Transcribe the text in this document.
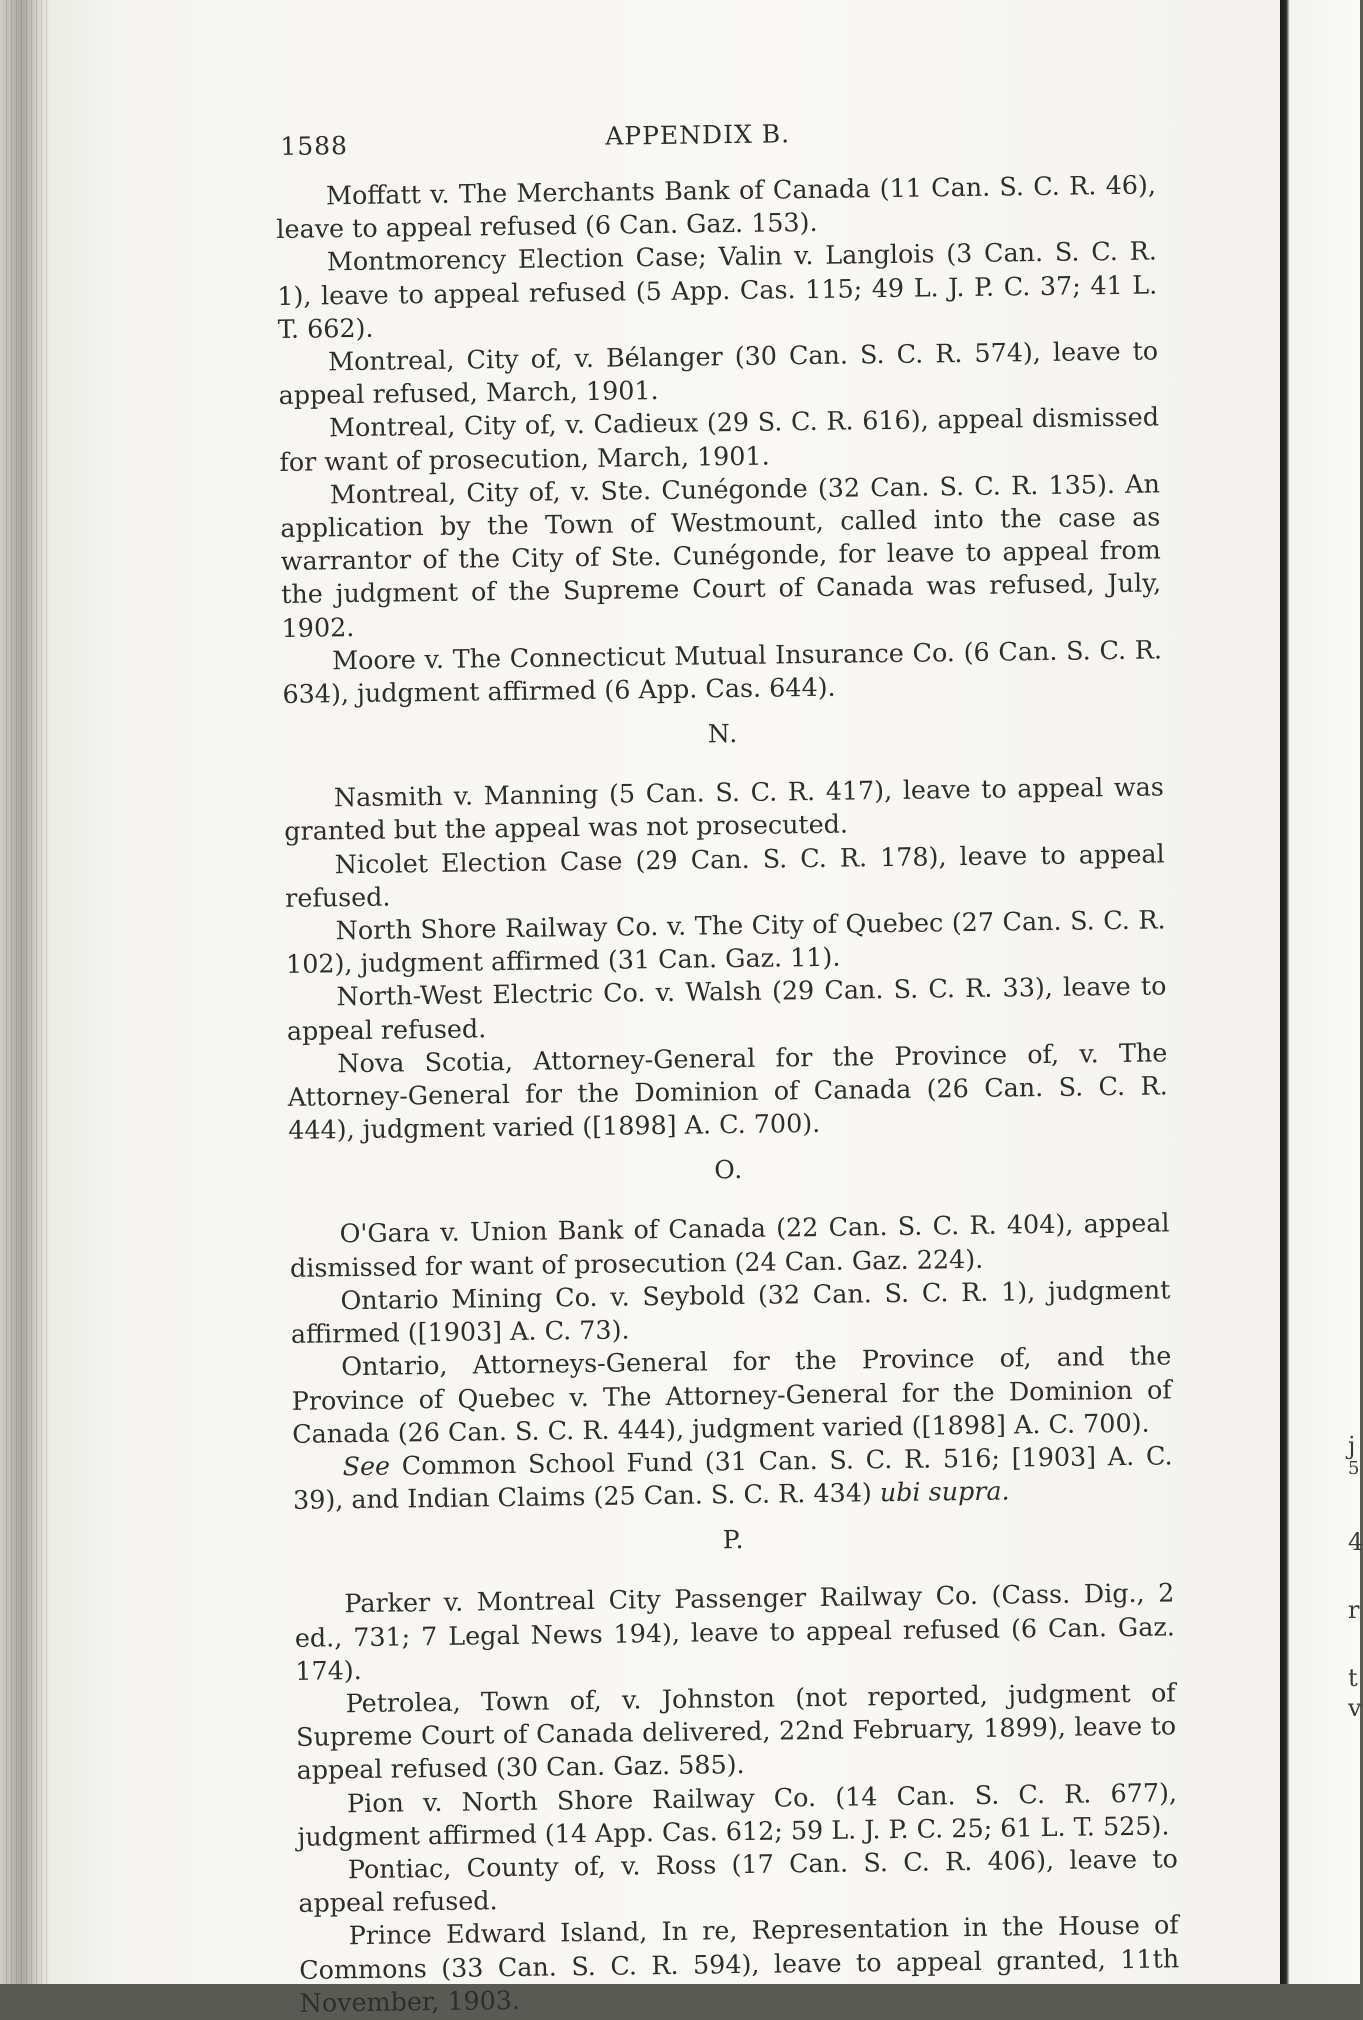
j
5
4
r
t
v
1588	APPENDIX B.

Moffatt v. The Merchants Bank of Canada (11 Can. S. C. R. 46), leave to appeal refused (6 Can. Gaz. 153).

Montmorency Election Case; Valin v. Langlois (3 Can. S. C. R. 1), leave to appeal refused (5 App. Cas. 115; 49 L. J. P. C. 37; 41 L. T. 662).

Montreal, City of, v. Bélanger (30 Can. S. C. R. 574), leave to appeal refused, March, 1901.

Montreal, City of, v. Cadieux (29 S. C. R. 616), appeal dismissed for want of prosecution, March, 1901.

Montreal, City of, v. Ste. Cunégonde (32 Can. S. C. R. 135). An application by the Town of Westmount, called into the case as warrantor of the City of Ste. Cunégonde, for leave to appeal from the judgment of the Supreme Court of Canada was refused, July, 1902.

Moore v. The Connecticut Mutual Insurance Co. (6 Can. S. C. R. 634), judgment affirmed (6 App. Cas. 644).

N.

Nasmith v. Manning (5 Can. S. C. R. 417), leave to appeal was granted but the appeal was not prosecuted.

Nicolet Election Case (29 Can. S. C. R. 178), leave to appeal refused.

North Shore Railway Co. v. The City of Quebec (27 Can. S. C. R. 102), judgment affirmed (31 Can. Gaz. 11).

North-West Electric Co. v. Walsh (29 Can. S. C. R. 33), leave to appeal refused.

Nova Scotia, Attorney-General for the Province of, v. The Attorney-General for the Dominion of Canada (26 Can. S. C. R. 444), judgment varied ([1898] A. C. 700).

O.

O'Gara v. Union Bank of Canada (22 Can. S. C. R. 404), appeal dismissed for want of prosecution (24 Can. Gaz. 224).

Ontario Mining Co. v. Seybold (32 Can. S. C. R. 1), judgment affirmed ([1903] A. C. 73).

Ontario, Attorneys-General for the Province of, and the Province of Quebec v. The Attorney-General for the Dominion of Canada (26 Can. S. C. R. 444), judgment varied ([1898] A. C. 700).

See Common School Fund (31 Can. S. C. R. 516; [1903] A. C. 39), and Indian Claims (25 Can. S. C. R. 434) ubi supra.

P.

Parker v. Montreal City Passenger Railway Co. (Cass. Dig., 2 ed., 731; 7 Legal News 194), leave to appeal refused (6 Can. Gaz. 174).

Petrolea, Town of, v. Johnston (not reported, judgment of Supreme Court of Canada delivered, 22nd February, 1899), leave to appeal refused (30 Can. Gaz. 585).

Pion v. North Shore Railway Co. (14 Can. S. C. R. 677), judgment affirmed (14 App. Cas. 612; 59 L. J. P. C. 25; 61 L. T. 525).

Pontiac, County of, v. Ross (17 Can. S. C. R. 406), leave to appeal refused.

Prince Edward Island, In re, Representation in the House of Commons (33 Can. S. C. R. 594), leave to appeal granted, 11th November, 1903.
